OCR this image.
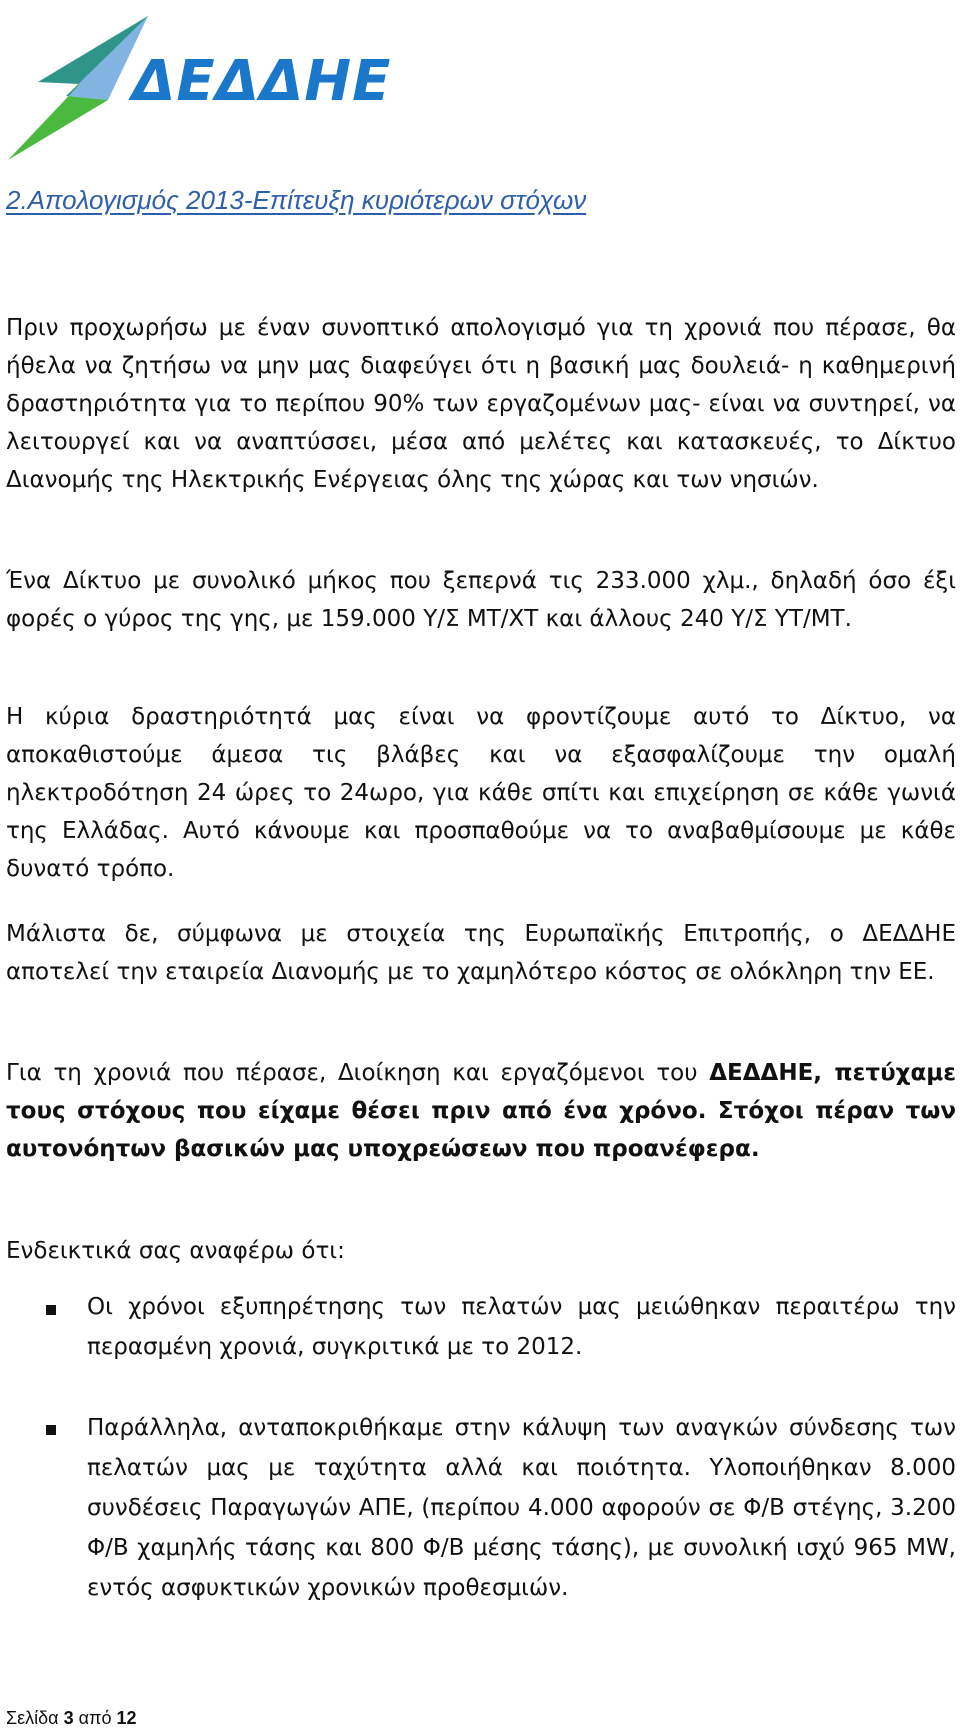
ΔΕΔΔΗΕ
2.Απολογισμός 2013-Επίτευξη κυριότερων στόχων

Πριν προχωρήσω με έναν συνοπτικό απολογισμό για τη χρονιά που πέρασε, θα ήθελα να ζητήσω να μην μας διαφεύγει ότι η βασική μας δουλειά- η καθημερινή δραστηριότητα για το περίπου 90% των εργαζομένων μας- είναι να συντηρεί, να λειτουργεί και να αναπτύσσει, μέσα από μελέτες και κατασκευές, το Δίκτυο Διανομής της Ηλεκτρικής Ενέργειας όλης της χώρας και των νησιών.

Ένα Δίκτυο με συνολικό μήκος που ξεπερνά τις 233.000 χλμ., δηλαδή όσο έξι φορές ο γύρος της γης, με 159.000 Υ/Σ ΜΤ/ΧΤ και άλλους 240 Υ/Σ ΥΤ/ΜΤ.

Η κύρια δραστηριότητά μας είναι να φροντίζουμε αυτό το Δίκτυο, να αποκαθιστούμε άμεσα τις βλάβες και να εξασφαλίζουμε την ομαλή ηλεκτροδότηση 24 ώρες το 24ωρο, για κάθε σπίτι και επιχείρηση σε κάθε γωνιά της Ελλάδας. Αυτό κάνουμε και προσπαθούμε να το αναβαθμίσουμε με κάθε δυνατό τρόπο.

Μάλιστα δε, σύμφωνα με στοιχεία της Ευρωπαϊκής Επιτροπής, ο ΔΕΔΔΗΕ αποτελεί την εταιρεία Διανομής με το χαμηλότερο κόστος σε ολόκληρη την ΕΕ.

Για τη χρονιά που πέρασε, Διοίκηση και εργαζόμενοι του ΔΕΔΔΗΕ, πετύχαμε τους στόχους που είχαμε θέσει πριν από ένα χρόνο. Στόχοι πέραν των αυτονόητων βασικών μας υποχρεώσεων που προανέφερα.

Ενδεικτικά σας αναφέρω ότι:

Οι χρόνοι εξυπηρέτησης των πελατών μας μειώθηκαν περαιτέρω την περασμένη χρονιά, συγκριτικά με το 2012.

Παράλληλα, ανταποκριθήκαμε στην κάλυψη των αναγκών σύνδεσης των πελατών μας με ταχύτητα αλλά και ποιότητα. Υλοποιήθηκαν 8.000 συνδέσεις Παραγωγών ΑΠΕ, (περίπου 4.000 αφορούν σε Φ/Β στέγης, 3.200 Φ/Β χαμηλής τάσης και 800 Φ/Β μέσης τάσης), με συνολική ισχύ 965 MW, εντός ασφυκτικών χρονικών προθεσμιών.

Σελίδα 3 από 12
